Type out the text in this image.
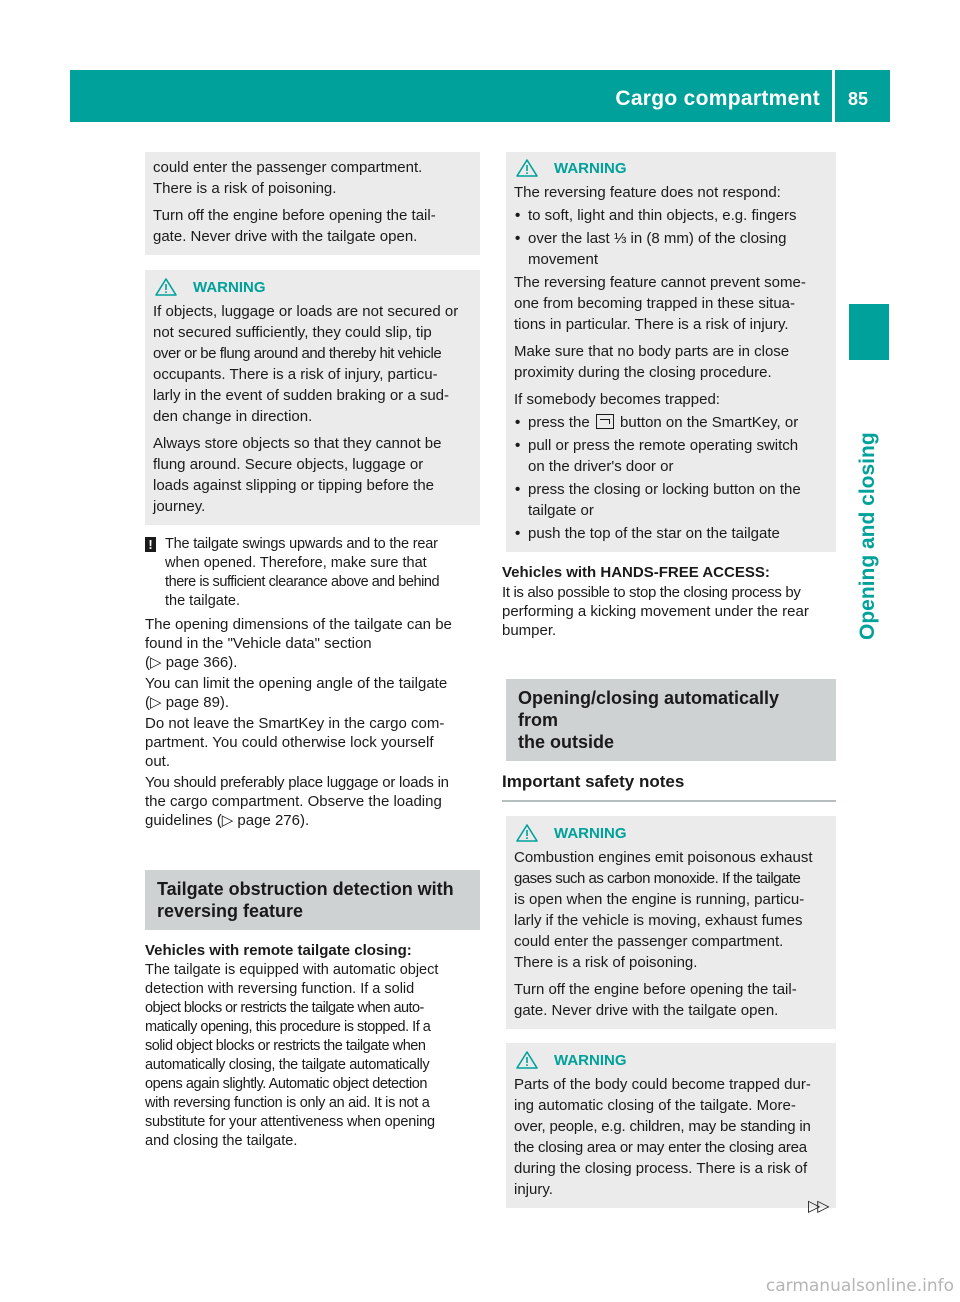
Cargo compartment 85
Opening and closing
could enter the passenger compartment.

There is a risk of poisoning.

Turn off the engine before opening the tail-

gate. Never drive with the tailgate open.

WARNING

If objects, luggage or loads are not secured or
not secured sufficiently, they could slip, tip
over or be flung around and thereby hit vehicle
occupants. There is a risk of injury, particu-
larly in the event of sudden braking or a sud-
den change in direction.

Always store objects so that they cannot be
flung around. Secure objects, luggage or
loads against slipping or tipping before the
journey.

! The tailgate swings upwards and to the rear
when opened. Therefore, make sure that
there is sufficient clearance above and behind
the tailgate.
The opening dimensions of the tailgate can be
found in the "Vehicle data" section
(▷ page 366).
You can limit the opening angle of the tailgate
(▷ page 89).
Do not leave the SmartKey in the cargo com-
partment. You could otherwise lock yourself
out.
You should preferably place luggage or loads in
the cargo compartment. Observe the loading
guidelines (▷ page 276).
Tailgate obstruction detection with
reversing feature
Vehicles with remote tailgate closing:
The tailgate is equipped with automatic object
detection with reversing function. If a solid
object blocks or restricts the tailgate when auto-
matically opening, this procedure is stopped. If a
solid object blocks or restricts the tailgate when
automatically closing, the tailgate automatically
opens again slightly. Automatic object detection
with reversing function is only an aid. It is not a
substitute for your attentiveness when opening
and closing the tailgate.
WARNING

The reversing feature does not respond:

• to soft, light and thin objects, e.g. fingers
• over the last ⅓ in (8 mm) of the closing
movement

The reversing feature cannot prevent some-
one from becoming trapped in these situa-
tions in particular. There is a risk of injury.

Make sure that no body parts are in close
proximity during the closing procedure.

If somebody becomes trapped:

• press the button on the SmartKey, or
• pull or press the remote operating switch
on the driver's door or
• press the closing or locking button on the
tailgate or
• push the top of the star on the tailgate
Vehicles with HANDS-FREE ACCESS:
It is also possible to stop the closing process by
performing a kicking movement under the rear
bumper.
Opening/closing automatically from
the outside
Important safety notes
WARNING

Combustion engines emit poisonous exhaust
gases such as carbon monoxide. If the tailgate
is open when the engine is running, particu-
larly if the vehicle is moving, exhaust fumes
could enter the passenger compartment.
There is a risk of poisoning.

Turn off the engine before opening the tail-
gate. Never drive with the tailgate open.

WARNING

Parts of the body could become trapped dur-
ing automatic closing of the tailgate. More-
over, people, e.g. children, may be standing in
the closing area or may enter the closing area
during the closing process. There is a risk of
injury.

▷▷
carmanualsonline.info
